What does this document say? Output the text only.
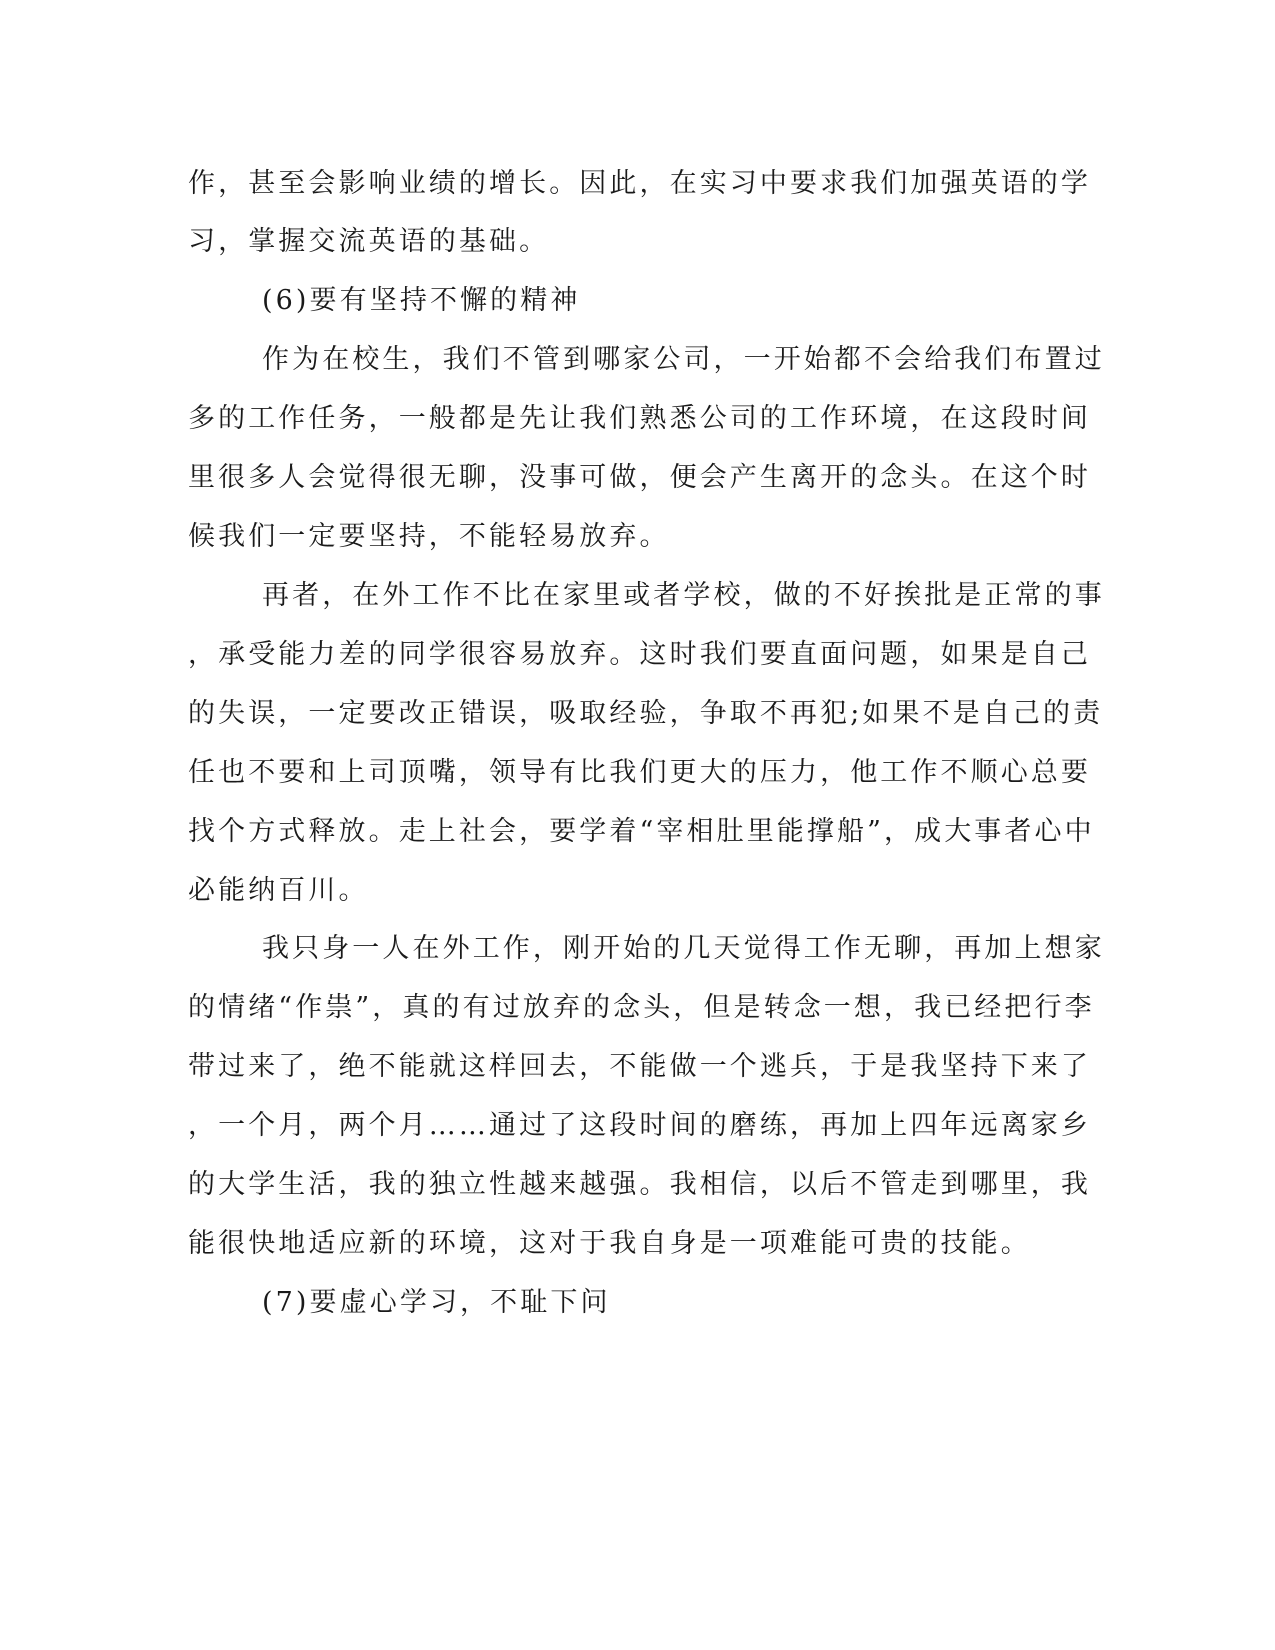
作，甚至会影响业绩的增长。因此，在实习中要求我们加强英语的学

习，掌握交流英语的基础。

(6)要有坚持不懈的精神

作为在校生，我们不管到哪家公司，一开始都不会给我们布置过

多的工作任务，一般都是先让我们熟悉公司的工作环境，在这段时间

里很多人会觉得很无聊，没事可做，便会产生离开的念头。在这个时

候我们一定要坚持，不能轻易放弃。

再者，在外工作不比在家里或者学校，做的不好挨批是正常的事

，承受能力差的同学很容易放弃。这时我们要直面问题，如果是自己

的失误，一定要改正错误，吸取经验，争取不再犯;如果不是自己的责

任也不要和上司顶嘴，领导有比我们更大的压力，他工作不顺心总要

找个方式释放。走上社会，要学着“宰相肚里能撑船”，成大事者心中

必能纳百川。

我只身一人在外工作，刚开始的几天觉得工作无聊，再加上想家

的情绪“作祟”，真的有过放弃的念头，但是转念一想，我已经把行李

带过来了，绝不能就这样回去，不能做一个逃兵，于是我坚持下来了

，一个月，两个月……通过了这段时间的磨练，再加上四年远离家乡

的大学生活，我的独立性越来越强。我相信，以后不管走到哪里，我

能很快地适应新的环境，这对于我自身是一项难能可贵的技能。

(7)要虚心学习，不耻下问
